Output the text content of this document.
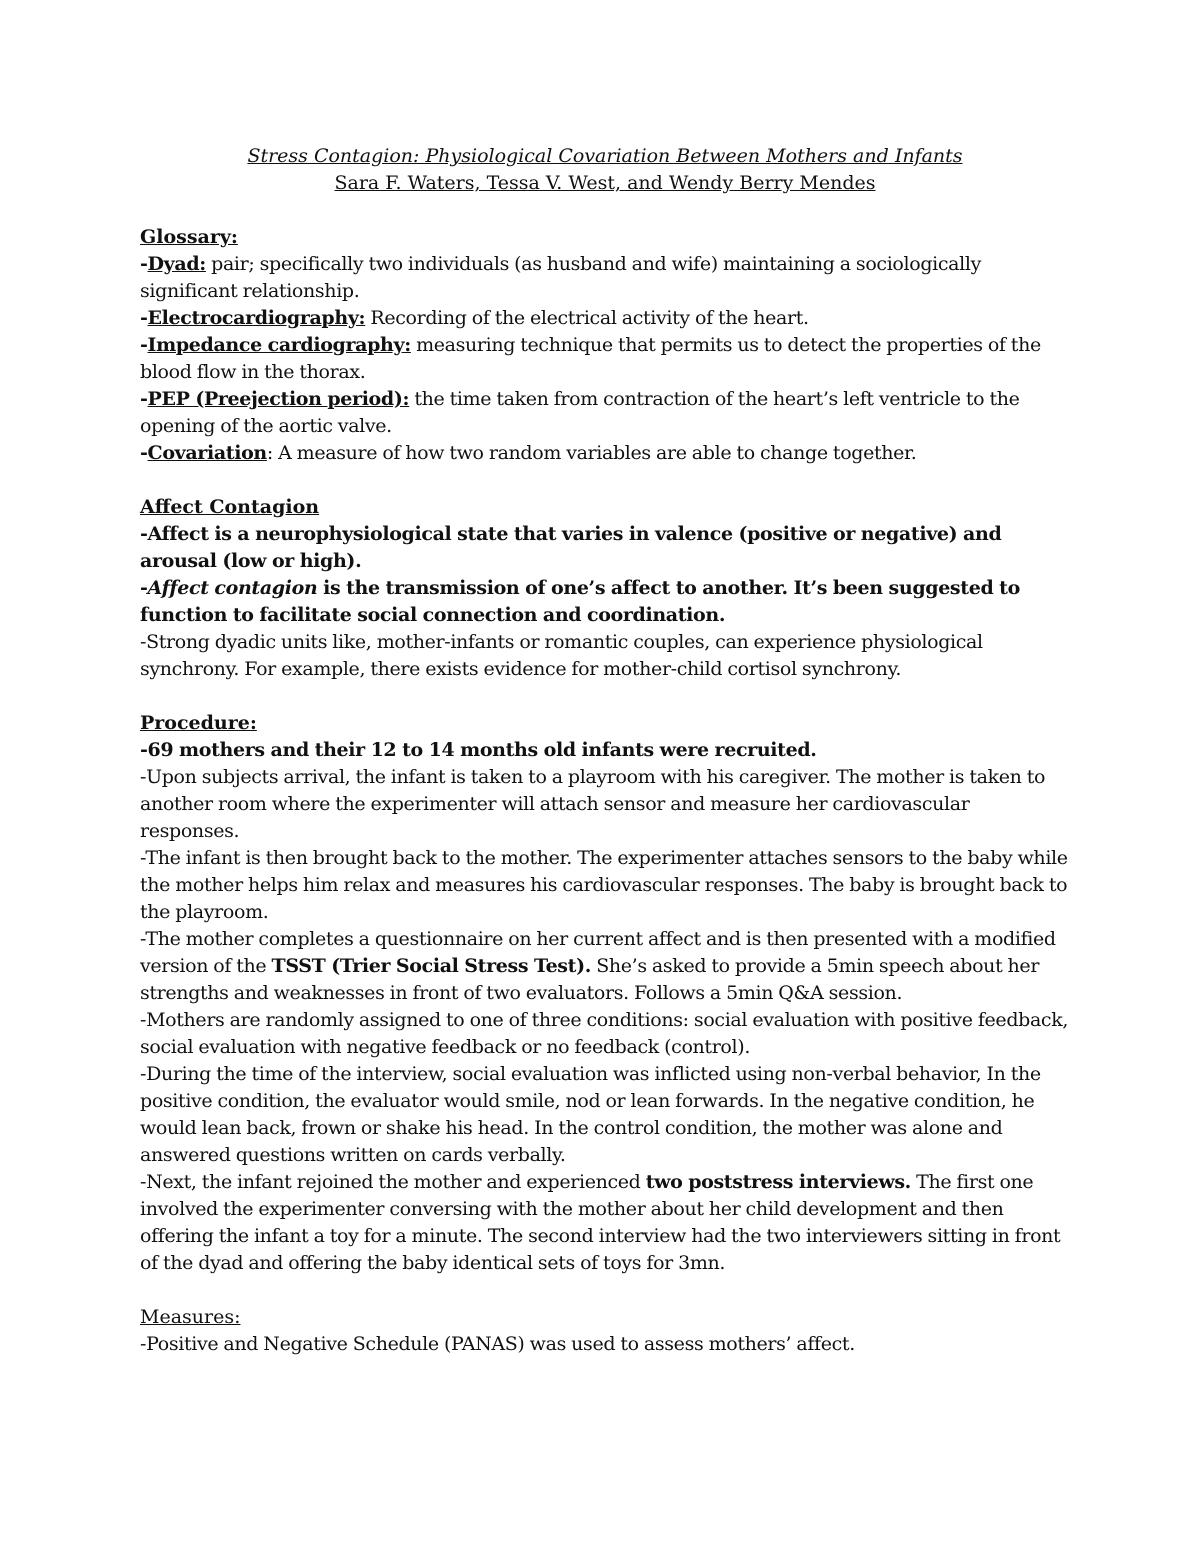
Stress Contagion: Physiological Covariation Between Mothers and Infants
Sara F. Waters, Tessa V. West, and Wendy Berry Mendes
Glossary:
-Dyad: pair; specifically two individuals (as husband and wife) maintaining a sociologically significant relationship.
-Electrocardiography: Recording of the electrical activity of the heart.
-Impedance cardiography: measuring technique that permits us to detect the properties of the blood flow in the thorax.
-PEP (Preejection period): the time taken from contraction of the heart’s left ventricle to the opening of the aortic valve.
-Covariation: A measure of how two random variables are able to change together.
Affect Contagion
-Affect is a neurophysiological state that varies in valence (positive or negative) and arousal (low or high).
-Affect contagion is the transmission of one’s affect to another. It’s been suggested to function to facilitate social connection and coordination.
-Strong dyadic units like, mother-infants or romantic couples, can experience physiological synchrony. For example, there exists evidence for mother-child cortisol synchrony.
Procedure:
-69 mothers and their 12 to 14 months old infants were recruited.
-Upon subjects arrival, the infant is taken to a playroom with his caregiver. The mother is taken to another room where the experimenter will attach sensor and measure her cardiovascular responses.
-The infant is then brought back to the mother. The experimenter attaches sensors to the baby while the mother helps him relax and measures his cardiovascular responses. The baby is brought back to the playroom.
-The mother completes a questionnaire on her current affect and is then presented with a modified version of the TSST (Trier Social Stress Test). She’s asked to provide a 5min speech about her strengths and weaknesses in front of two evaluators. Follows a 5min Q&A session.
-Mothers are randomly assigned to one of three conditions: social evaluation with positive feedback, social evaluation with negative feedback or no feedback (control).
-During the time of the interview, social evaluation was inflicted using non-verbal behavior, In the positive condition, the evaluator would smile, nod or lean forwards. In the negative condition, he would lean back, frown or shake his head. In the control condition, the mother was alone and answered questions written on cards verbally.
-Next, the infant rejoined the mother and experienced two poststress interviews. The first one involved the experimenter conversing with the mother about her child development and then offering the infant a toy for a minute. The second interview had the two interviewers sitting in front of the dyad and offering the baby identical sets of toys for 3mn.
Measures:
-Positive and Negative Schedule (PANAS) was used to assess mothers’ affect.
